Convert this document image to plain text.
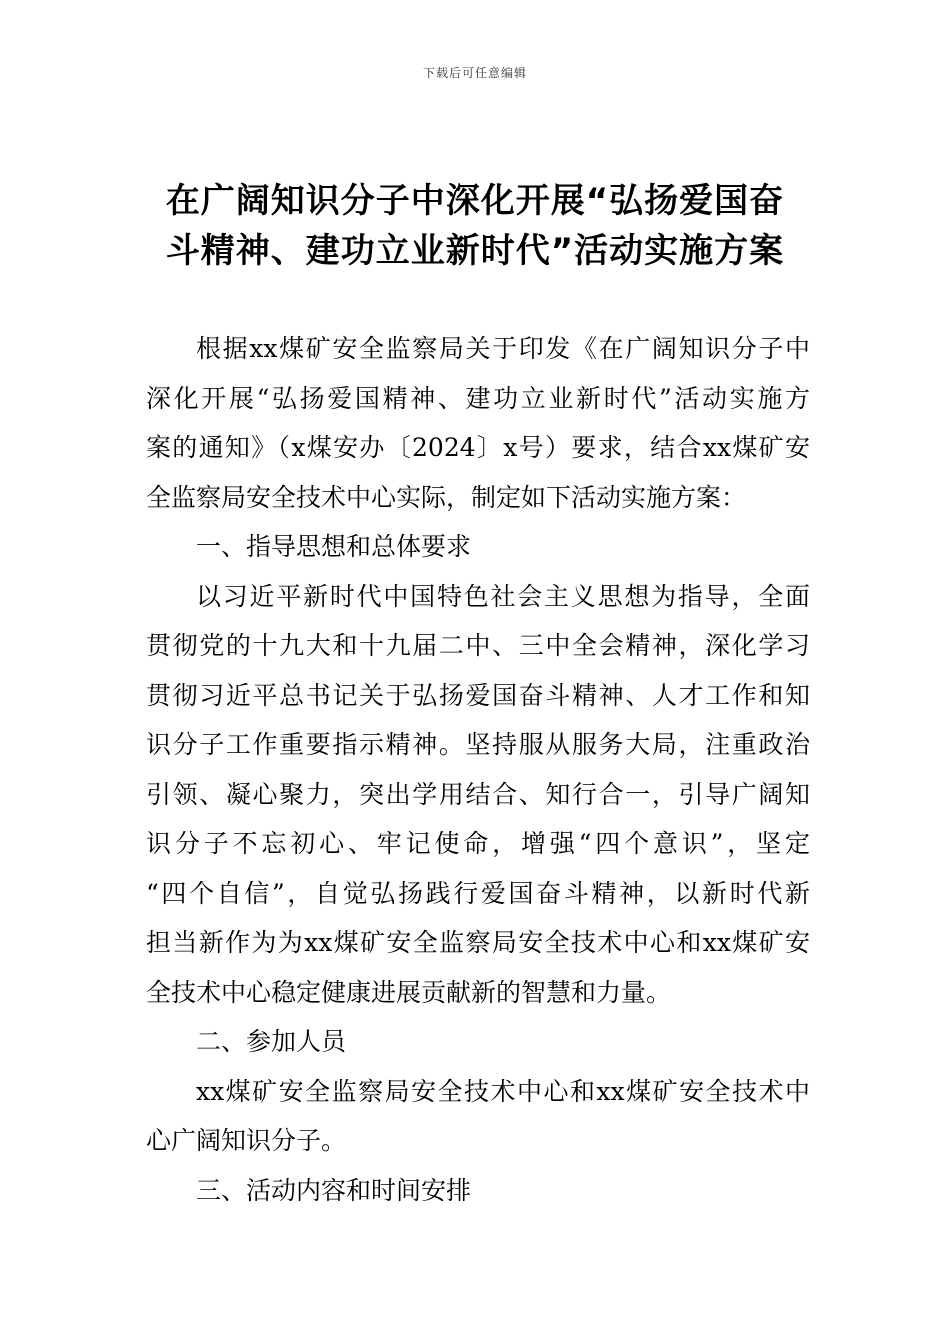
下载后可任意编辑
在广阔知识分子中深化开展“弘扬爱国奋
斗精神、建功立业新时代”活动实施方案
根据xx煤矿安全监察局关于印发《在广阔知识分子中
深化开展“弘扬爱国精神、建功立业新时代”活动实施方
案的通知》（x煤安办〔2024〕x号）要求，结合xx煤矿安
全监察局安全技术中心实际，制定如下活动实施方案：
一、指导思想和总体要求
以习近平新时代中国特色社会主义思想为指导，全面
贯彻党的十九大和十九届二中、三中全会精神，深化学习
贯彻习近平总书记关于弘扬爱国奋斗精神、人才工作和知
识分子工作重要指示精神。坚持服从服务大局，注重政治
引领、凝心聚力，突出学用结合、知行合一，引导广阔知
识分子不忘初心、牢记使命，增强“四个意识”，坚定
“四个自信”，自觉弘扬践行爱国奋斗精神，以新时代新
担当新作为为xx煤矿安全监察局安全技术中心和xx煤矿安
全技术中心稳定健康进展贡献新的智慧和力量。
二、参加人员
xx煤矿安全监察局安全技术中心和xx煤矿安全技术中
心广阔知识分子。
三、活动内容和时间安排
